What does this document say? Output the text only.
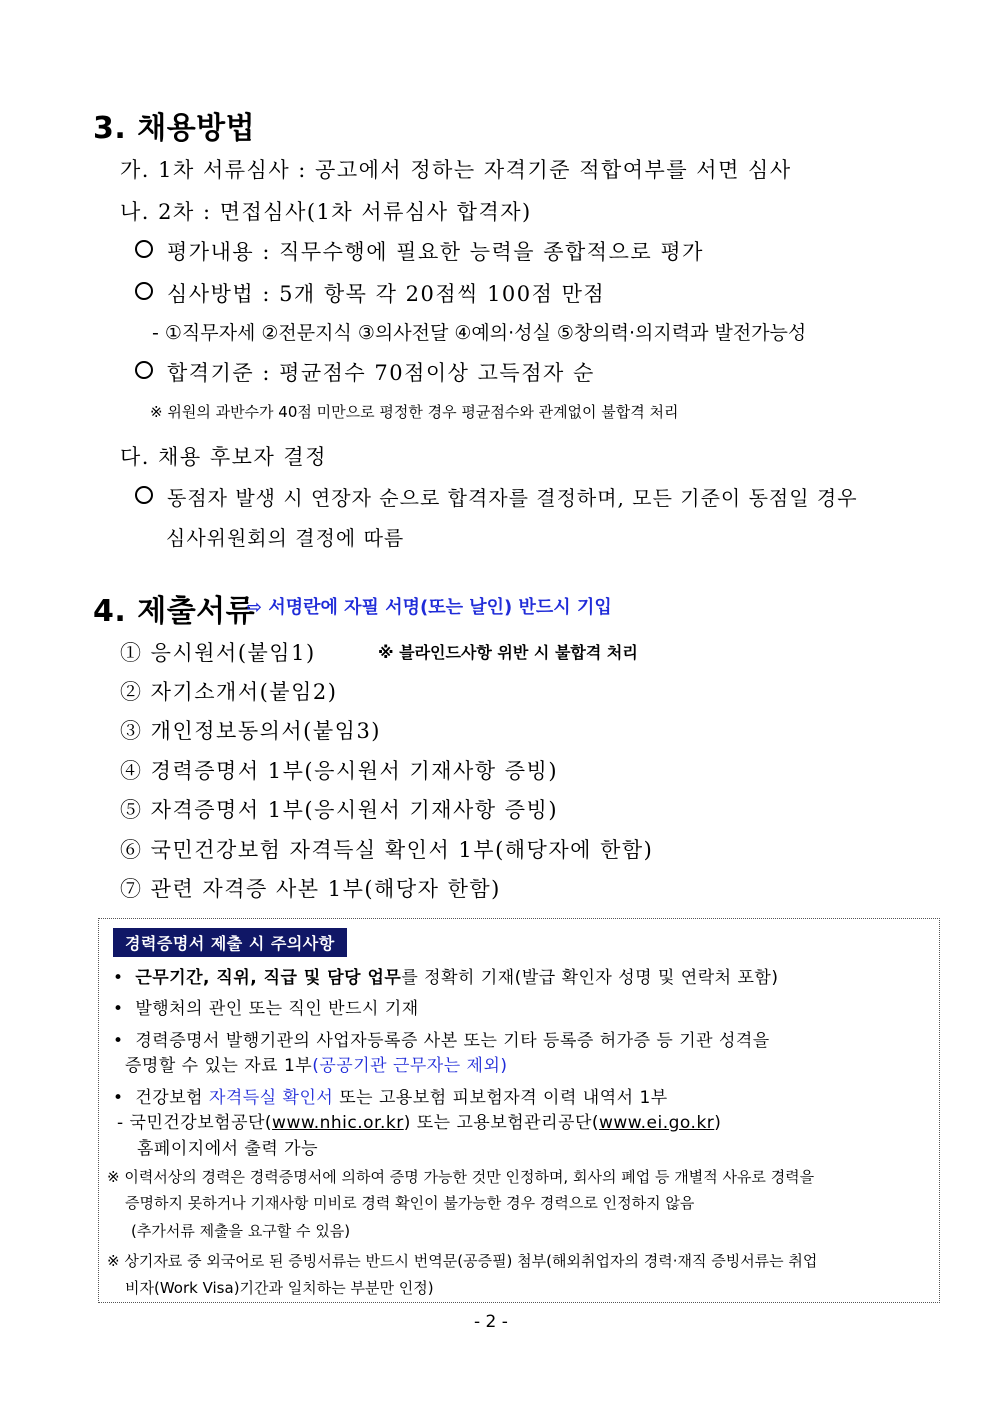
3. 채용방법
가. 1차 서류심사 : 공고에서 정하는 자격기준 적합여부를 서면 심사
나. 2차 : 면접심사(1차 서류심사 합격자)
평가내용 : 직무수행에 필요한 능력을 종합적으로 평가
심사방법 : 5개 항목 각 20점씩 100점 만점
- ①직무자세 ②전문지식 ③의사전달 ④예의·성실 ⑤창의력·의지력과 발전가능성
합격기준 : 평균점수 70점이상 고득점자 순
※ 위원의 과반수가 40점 미만으로 평정한 경우 평균점수와 관계없이 불합격 처리
다. 채용 후보자 결정
동점자 발생 시 연장자 순으로 합격자를 결정하며, 모든 기준이 동점일 경우
심사위원회의 결정에 따름
4. 제출서류
⇨ 서명란에 자필 서명(또는 날인) 반드시 기입
① 응시원서(붙임1)	※ 블라인드사항 위반 시 불합격 처리
② 자기소개서(붙임2)
③ 개인정보동의서(붙임3)
④ 경력증명서 1부(응시원서 기재사항 증빙)
⑤ 자격증명서 1부(응시원서 기재사항 증빙)
⑥ 국민건강보험 자격득실 확인서 1부(해당자에 한함)
⑦ 관련 자격증 사본 1부(해당자 한함)
경력증명서 제출 시 주의사항
•  근무기간, 직위, 직급 및 담당 업무를 정확히 기재(발급 확인자 성명 및 연락처 포함)
•  발행처의 관인 또는 직인 반드시 기재
•  경력증명서 발행기관의 사업자등록증 사본 또는 기타 등록증 허가증 등 기관 성격을
증명할 수 있는 자료 1부(공공기관 근무자는 제외)
•  건강보험 자격득실 확인서 또는 고용보험 피보험자격 이력 내역서 1부
- 국민건강보험공단(www.nhic.or.kr) 또는 고용보험관리공단(www.ei.go.kr)
홈페이지에서 출력 가능
※ 이력서상의 경력은 경력증명서에 의하여 증명 가능한 것만 인정하며, 회사의 폐업 등 개별적 사유로 경력을
증명하지 못하거나 기재사항 미비로 경력 확인이 불가능한 경우 경력으로 인정하지 않음
(추가서류 제출을 요구할 수 있음)
※ 상기자료 중 외국어로 된 증빙서류는 반드시 번역문(공증필) 첨부(해외취업자의 경력·재직 증빙서류는 취업
비자(Work Visa)기간과 일치하는 부분만 인정)
- 2 -
